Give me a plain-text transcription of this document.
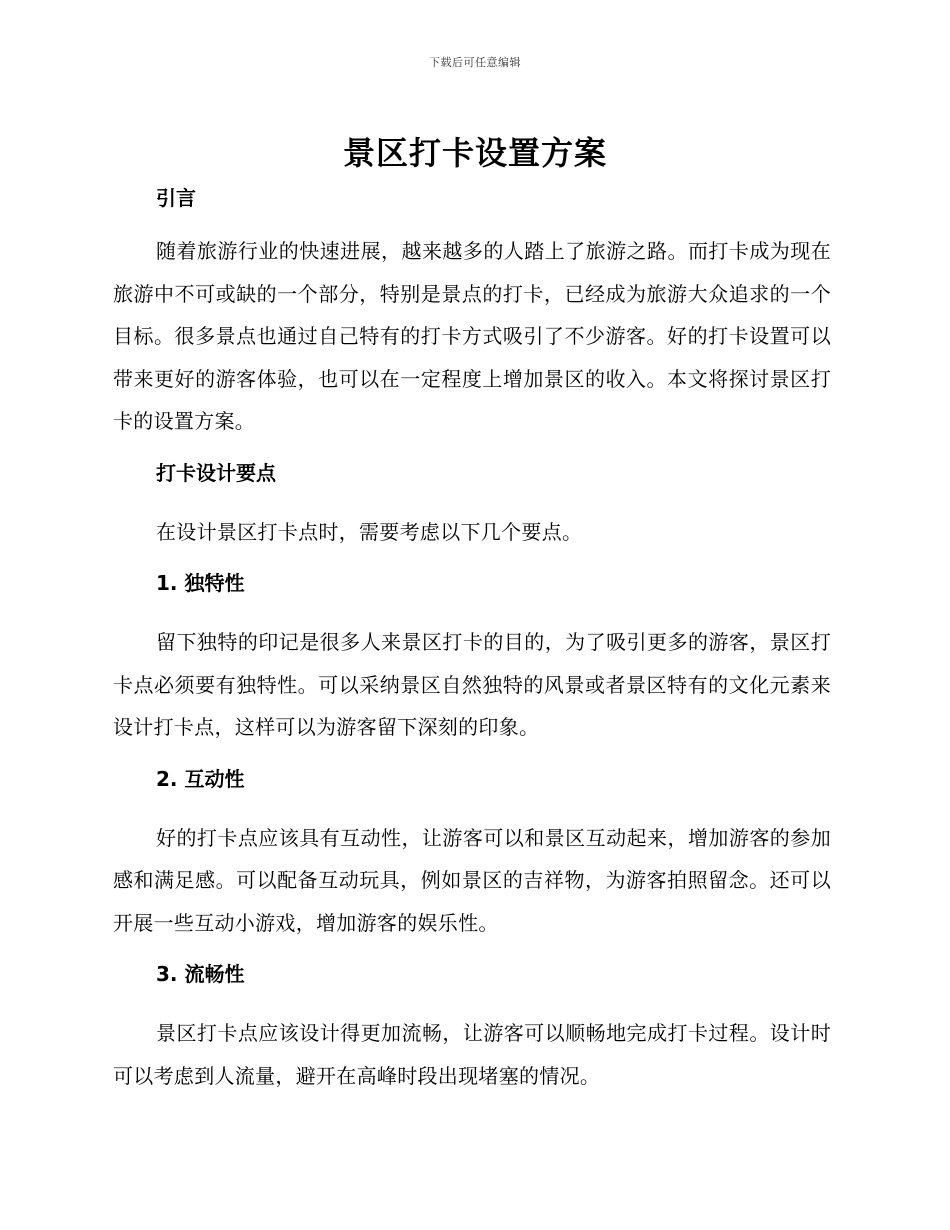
下载后可任意编辑
景区打卡设置方案
引言

随着旅游行业的快速进展，越来越多的人踏上了旅游之路。而打卡成为现在旅游中不可或缺的一个部分，特别是景点的打卡，已经成为旅游大众追求的一个目标。很多景点也通过自己特有的打卡方式吸引了不少游客。好的打卡设置可以带来更好的游客体验，也可以在一定程度上增加景区的收入。本文将探讨景区打卡的设置方案。

打卡设计要点

在设计景区打卡点时，需要考虑以下几个要点。

1. 独特性

留下独特的印记是很多人来景区打卡的目的，为了吸引更多的游客，景区打卡点必须要有独特性。可以采纳景区自然独特的风景或者景区特有的文化元素来设计打卡点，这样可以为游客留下深刻的印象。

2. 互动性

好的打卡点应该具有互动性，让游客可以和景区互动起来，增加游客的参加感和满足感。可以配备互动玩具，例如景区的吉祥物，为游客拍照留念。还可以开展一些互动小游戏，增加游客的娱乐性。

3. 流畅性

景区打卡点应该设计得更加流畅，让游客可以顺畅地完成打卡过程。设计时可以考虑到人流量，避开在高峰时段出现堵塞的情况。
